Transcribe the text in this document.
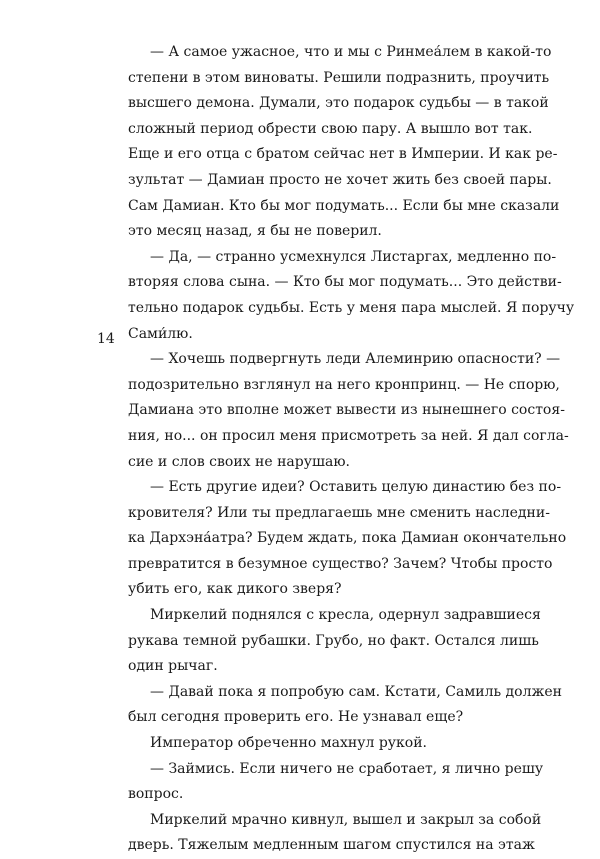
14
— А самое ужасное, что и мы с Ринмеа́лем в какой-то
степени в этом виноваты. Решили подразнить, проучить
высшего демона. Думали, это подарок судьбы — в такой
сложный период обрести свою пару. А вышло вот так.
Еще и его отца с братом сейчас нет в Империи. И как ре-
зультат — Дамиан просто не хочет жить без своей пары.
Сам Дамиан. Кто бы мог подумать... Если бы мне сказали
это месяц назад, я бы не поверил.
— Да, — странно усмехнулся Листаргах, медленно по-
вторяя слова сына. — Кто бы мог подумать... Это действи-
тельно подарок судьбы. Есть у меня пара мыслей. Я поручу
Сами́лю.
— Хочешь подвергнуть леди Алеминрию опасности? —
подозрительно взглянул на него кронпринц. — Не спорю,
Дамиана это вполне может вывести из нынешнего состоя-
ния, но... он просил меня присмотреть за ней. Я дал согла-
сие и слов своих не нарушаю.
— Есть другие идеи? Оставить целую династию без по-
кровителя? Или ты предлагаешь мне сменить наследни-
ка Дархэна́атра? Будем ждать, пока Дамиан окончательно
превратится в безумное существо? Зачем? Чтобы просто
убить его, как дикого зверя?
Миркелий поднялся с кресла, одернул задравшиеся
рукава темной рубашки. Грубо, но факт. Остался лишь
один рычаг.
— Давай пока я попробую сам. Кстати, Самиль должен
был сегодня проверить его. Не узнавал еще?
Император обреченно махнул рукой.
— Займись. Если ничего не сработает, я лично решу
вопрос.
Миркелий мрачно кивнул, вышел и закрыл за собой
дверь. Тяжелым медленным шагом спустился на этаж
